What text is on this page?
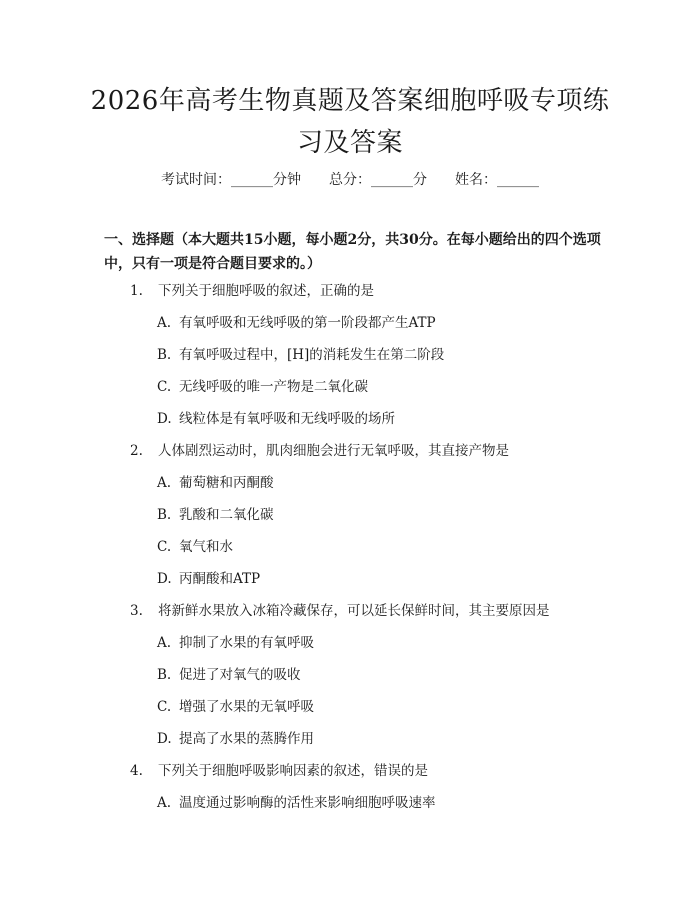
2026年高考生物真题及答案细胞呼吸专项练习及答案
考试时间：______分钟　　总分：______分　　姓名：______
一、选择题（本大题共15小题，每小题2分，共30分。在每小题给出的四个选项中，只有一项是符合题目要求的。）
1. 下列关于细胞呼吸的叙述，正确的是
A. 有氧呼吸和无线呼吸的第一阶段都产生ATP
B. 有氧呼吸过程中，[H]的消耗发生在第二阶段
C. 无线呼吸的唯一产物是二氧化碳
D. 线粒体是有氧呼吸和无线呼吸的场所
2. 人体剧烈运动时，肌肉细胞会进行无氧呼吸，其直接产物是
A. 葡萄糖和丙酮酸
B. 乳酸和二氧化碳
C. 氧气和水
D. 丙酮酸和ATP
3. 将新鲜水果放入冰箱冷藏保存，可以延长保鲜时间，其主要原因是
A. 抑制了水果的有氧呼吸
B. 促进了对氧气的吸收
C. 增强了水果的无氧呼吸
D. 提高了水果的蒸腾作用
4. 下列关于细胞呼吸影响因素的叙述，错误的是
A. 温度通过影响酶的活性来影响细胞呼吸速率
